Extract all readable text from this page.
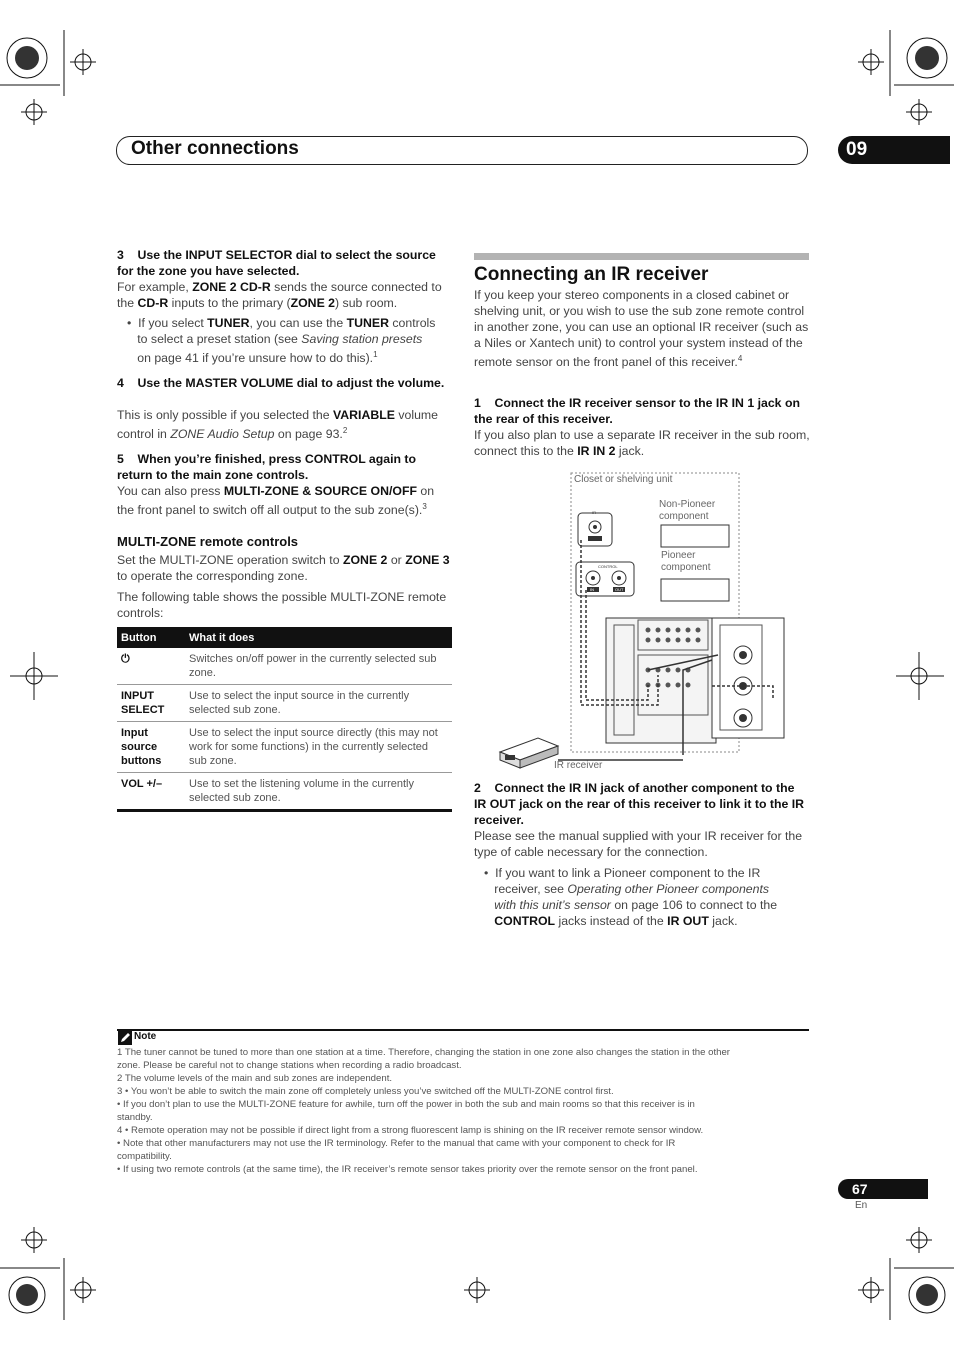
Other connections	09
3    Use the INPUT SELECTOR dial to select the source for the zone you have selected.
For example, ZONE 2 CD-R sends the source connected to the CD-R inputs to the primary (ZONE 2) sub room.
•  If you select TUNER, you can use the TUNER controls
to select a preset station (see Saving station presets
on page 41 if you’re unsure how to do this).$^1$
4    Use the MASTER VOLUME dial to adjust the volume.
This is only possible if you selected the VARIABLE volume control in ZONE Audio Setup on page 93.$^2$
5    When you’re finished, press CONTROL again to return to the main zone controls.
You can also press MULTI-ZONE & SOURCE ON/OFF on the front panel to switch off all output to the sub zone(s).$^3$
MULTI-ZONE remote controls
Set the MULTI-ZONE operation switch to ZONE 2 or ZONE 3 to operate the corresponding zone.
The following table shows the possible MULTI-ZONE remote controls:
Button	What it does
⏻	Switches on/off power in the currently selected sub zone.
INPUT SELECT	Use to select the input source in the currently selected sub zone.
Input source buttons	Use to select the input source directly (this may not work for some functions) in the currently selected sub zone.
VOL +/–	Use to set the listening volume in the currently selected sub zone.
Connecting an IR receiver
If you keep your stereo components in a closed cabinet or shelving unit, or you wish to use the sub zone remote control in another zone, you can use an optional IR receiver (such as a Niles or Xantech unit) to control your system instead of the remote sensor on the front panel of this receiver.$^4$
1    Connect the IR receiver sensor to the IR IN 1 jack on the rear of this receiver.
If you also plan to use a separate IR receiver in the sub room, connect this to the IR IN 2 jack.
Closet or shelving unit
Non-Pioneer component
Pioneer component
IR receiver
IR
CONTROL
IN	OUT
2    Connect the IR IN jack of another component to the IR OUT jack on the rear of this receiver to link it to the IR receiver.
Please see the manual supplied with your IR receiver for the type of cable necessary for the connection.
•  If you want to link a Pioneer component to the IR
receiver, see Operating other Pioneer components
with this unit’s sensor on page 106 to connect to the
CONTROL jacks instead of the IR OUT jack.
Note
1 The tuner cannot be tuned to more than one station at a time. Therefore, changing the station in one zone also changes the station in the other
zone. Please be careful not to change stations when recording a radio broadcast.
2 The volume levels of the main and sub zones are independent.
3 • You won’t be able to switch the main zone off completely unless you’ve switched off the MULTI-ZONE control first.
• If you don’t plan to use the MULTI-ZONE feature for awhile, turn off the power in both the sub and main rooms so that this receiver is in
standby.
4 • Remote operation may not be possible if direct light from a strong fluorescent lamp is shining on the IR receiver remote sensor window.
• Note that other manufacturers may not use the IR terminology. Refer to the manual that came with your component to check for IR
compatibility.
• If using two remote controls (at the same time), the IR receiver’s remote sensor takes priority over the remote sensor on the front panel.
67
En
